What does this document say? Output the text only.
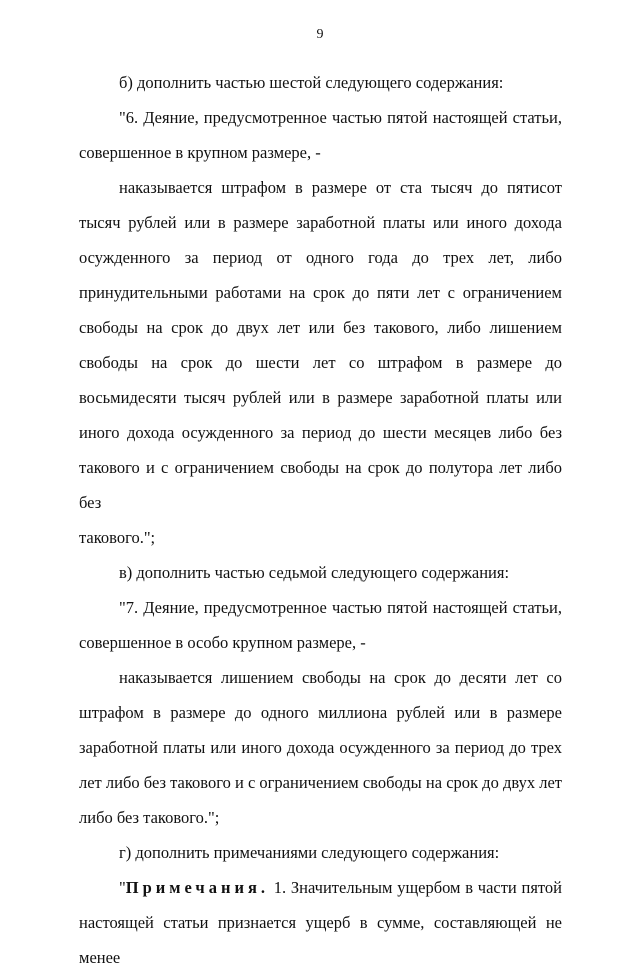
9

б) дополнить частью шестой следующего содержания:

"6. Деяние, предусмотренное частью пятой настоящей статьи,

совершенное в крупном размере, -

наказывается штрафом в размере от ста тысяч до пятисот тысяч рублей или в размере заработной платы или иного дохода осужденного за период от одного года до трех лет, либо принудительными работами на срок до пяти лет с ограничением свободы на срок до двух лет или без такового, либо лишением свободы на срок до шести лет со штрафом в размере до восьмидесяти тысяч рублей или в размере заработной платы или иного дохода осужденного за период до шести месяцев либо без такового и с ограничением свободы на срок до полутора лет либо без

такового.";

в) дополнить частью седьмой следующего содержания:

"7. Деяние, предусмотренное частью пятой настоящей статьи,

совершенное в особо крупном размере, -

наказывается лишением свободы на срок до десяти лет со штрафом в размере до одного миллиона рублей или в размере заработной платы или иного дохода осужденного за период до трех лет либо без такового и с ограничением свободы на срок до двух лет либо без такового.";

г) дополнить примечаниями следующего содержания:

"Примечания. 1. Значительным ущербом в части пятой настоящей статьи признается ущерб в сумме, составляющей не менее
